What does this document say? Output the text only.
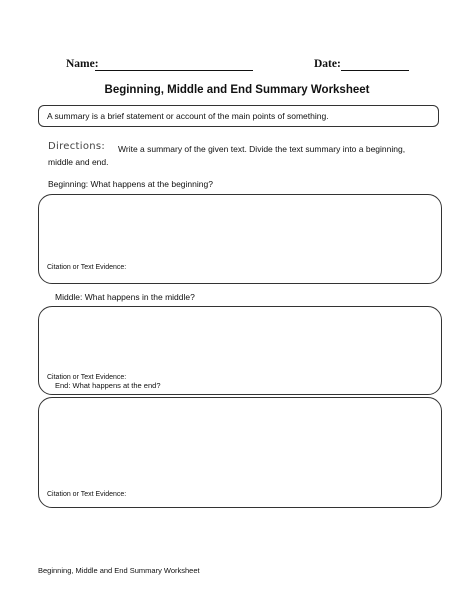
Name:	Date:
Beginning, Middle and End Summary Worksheet
A summary is a brief statement or account of the main points of something.
Directions: Write a summary of the given text. Divide the text summary into a beginning,
middle and end.
Beginning: What happens at the beginning?
Citation or Text Evidence:
Middle: What happens in the middle?
Citation or Text Evidence:
End: What happens at the end?
Citation or Text Evidence:
Beginning, Middle and End Summary Worksheet
